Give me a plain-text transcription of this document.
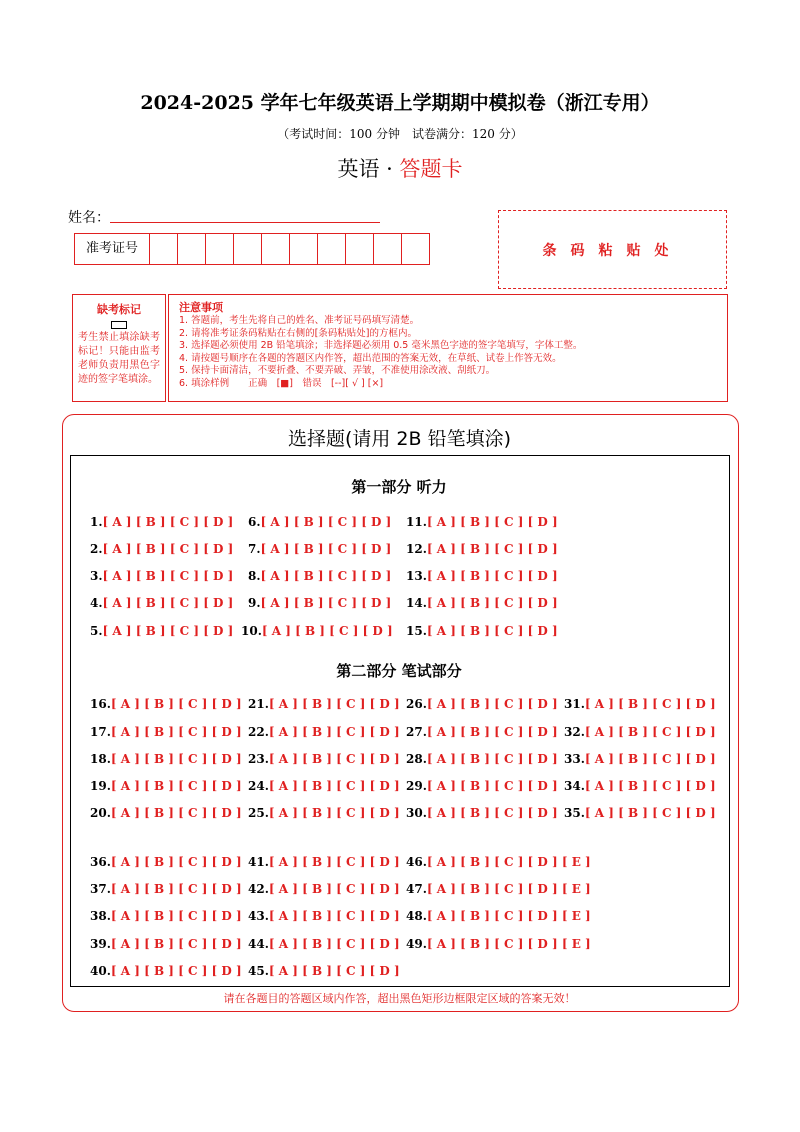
2024-2025 学年七年级英语上学期期中模拟卷（浙江专用）
（考试时间：100 分钟　试卷满分：120 分）
英语 · 答题卡
姓名：
准考证号	条码粘贴处
缺考标记
考生禁止填涂缺考标记！只能由监考老师负责用黑色字迹的签字笔填涂。
注意事项
1. 答题前，考生先将自己的姓名、准考证号码填写清楚。
2. 请将准考证条码粘贴在右侧的[条码粘贴处]的方框内。
3. 选择题必须使用 2B 铅笔填涂；非选择题必须用 0.5 毫米黑色字迹的签字笔填写，字体工整。
4. 请按题号顺序在各题的答题区内作答，超出范围的答案无效，在草纸、试卷上作答无效。
5. 保持卡面清洁，不要折叠、不要弄破、弄皱，不准使用涂改液、刮纸刀。
6. 填涂样例　　正确　[■]　错误　[--][ √ ] [×]
选择题(请用 2B 铅笔填涂)
第一部分 听力
第二部分 笔试部分
1.[ A ] [ B ] [ C ] [ D ]
2.[ A ] [ B ] [ C ] [ D ]
3.[ A ] [ B ] [ C ] [ D ]
4.[ A ] [ B ] [ C ] [ D ]
5.[ A ] [ B ] [ C ] [ D ]
6.[ A ] [ B ] [ C ] [ D ]
7.[ A ] [ B ] [ C ] [ D ]
8.[ A ] [ B ] [ C ] [ D ]
9.[ A ] [ B ] [ C ] [ D ]
10.[ A ] [ B ] [ C ] [ D ]
11.[ A ] [ B ] [ C ] [ D ]
12.[ A ] [ B ] [ C ] [ D ]
13.[ A ] [ B ] [ C ] [ D ]
14.[ A ] [ B ] [ C ] [ D ]
15.[ A ] [ B ] [ C ] [ D ]
16.[ A ] [ B ] [ C ] [ D ]
17.[ A ] [ B ] [ C ] [ D ]
18.[ A ] [ B ] [ C ] [ D ]
19.[ A ] [ B ] [ C ] [ D ]
20.[ A ] [ B ] [ C ] [ D ]
21.[ A ] [ B ] [ C ] [ D ]
22.[ A ] [ B ] [ C ] [ D ]
23.[ A ] [ B ] [ C ] [ D ]
24.[ A ] [ B ] [ C ] [ D ]
25.[ A ] [ B ] [ C ] [ D ]
26.[ A ] [ B ] [ C ] [ D ]
27.[ A ] [ B ] [ C ] [ D ]
28.[ A ] [ B ] [ C ] [ D ]
29.[ A ] [ B ] [ C ] [ D ]
30.[ A ] [ B ] [ C ] [ D ]
31.[ A ] [ B ] [ C ] [ D ]
32.[ A ] [ B ] [ C ] [ D ]
33.[ A ] [ B ] [ C ] [ D ]
34.[ A ] [ B ] [ C ] [ D ]
35.[ A ] [ B ] [ C ] [ D ]
36.[ A ] [ B ] [ C ] [ D ]
37.[ A ] [ B ] [ C ] [ D ]
38.[ A ] [ B ] [ C ] [ D ]
39.[ A ] [ B ] [ C ] [ D ]
40.[ A ] [ B ] [ C ] [ D ]
41.[ A ] [ B ] [ C ] [ D ]
42.[ A ] [ B ] [ C ] [ D ]
43.[ A ] [ B ] [ C ] [ D ]
44.[ A ] [ B ] [ C ] [ D ]
45.[ A ] [ B ] [ C ] [ D ]
46.[ A ] [ B ] [ C ] [ D ] [ E ]
47.[ A ] [ B ] [ C ] [ D ] [ E ]
48.[ A ] [ B ] [ C ] [ D ] [ E ]
49.[ A ] [ B ] [ C ] [ D ] [ E ]
请在各题目的答题区域内作答，超出黑色矩形边框限定区域的答案无效！
